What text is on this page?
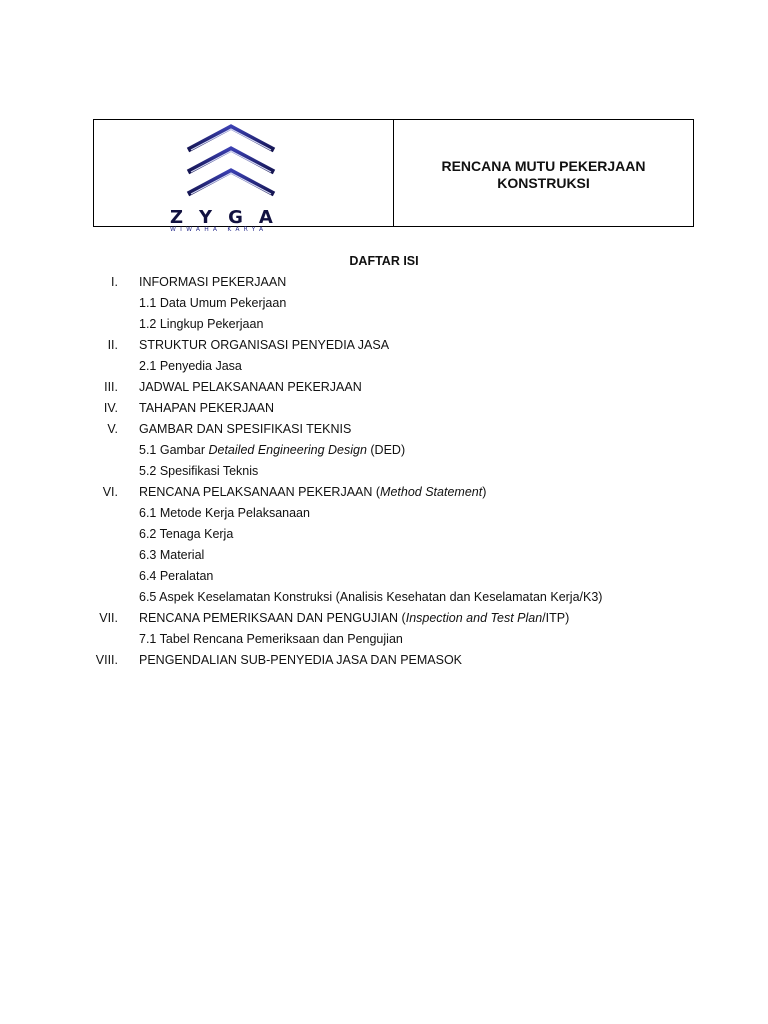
ZYGA
WIWAHA KARYA
RENCANA MUTU PEKERJAAN
KONSTRUKSI
DAFTAR ISI
I. INFORMASI PEKERJAAN
1.1 Data Umum Pekerjaan
1.2 Lingkup Pekerjaan
II. STRUKTUR ORGANISASI PENYEDIA JASA
2.1 Penyedia Jasa
III. JADWAL PELAKSANAAN PEKERJAAN
IV. TAHAPAN PEKERJAAN
V. GAMBAR DAN SPESIFIKASI TEKNIS
5.1 Gambar Detailed Engineering Design (DED)
5.2 Spesifikasi Teknis
VI. RENCANA PELAKSANAAN PEKERJAAN (Method Statement)
6.1 Metode Kerja Pelaksanaan
6.2 Tenaga Kerja
6.3 Material
6.4 Peralatan
6.5 Aspek Keselamatan Konstruksi (Analisis Kesehatan dan Keselamatan Kerja/K3)
VII. RENCANA PEMERIKSAAN DAN PENGUJIAN (Inspection and Test Plan/ITP)
7.1 Tabel Rencana Pemeriksaan dan Pengujian
VIII. PENGENDALIAN SUB-PENYEDIA JASA DAN PEMASOK
